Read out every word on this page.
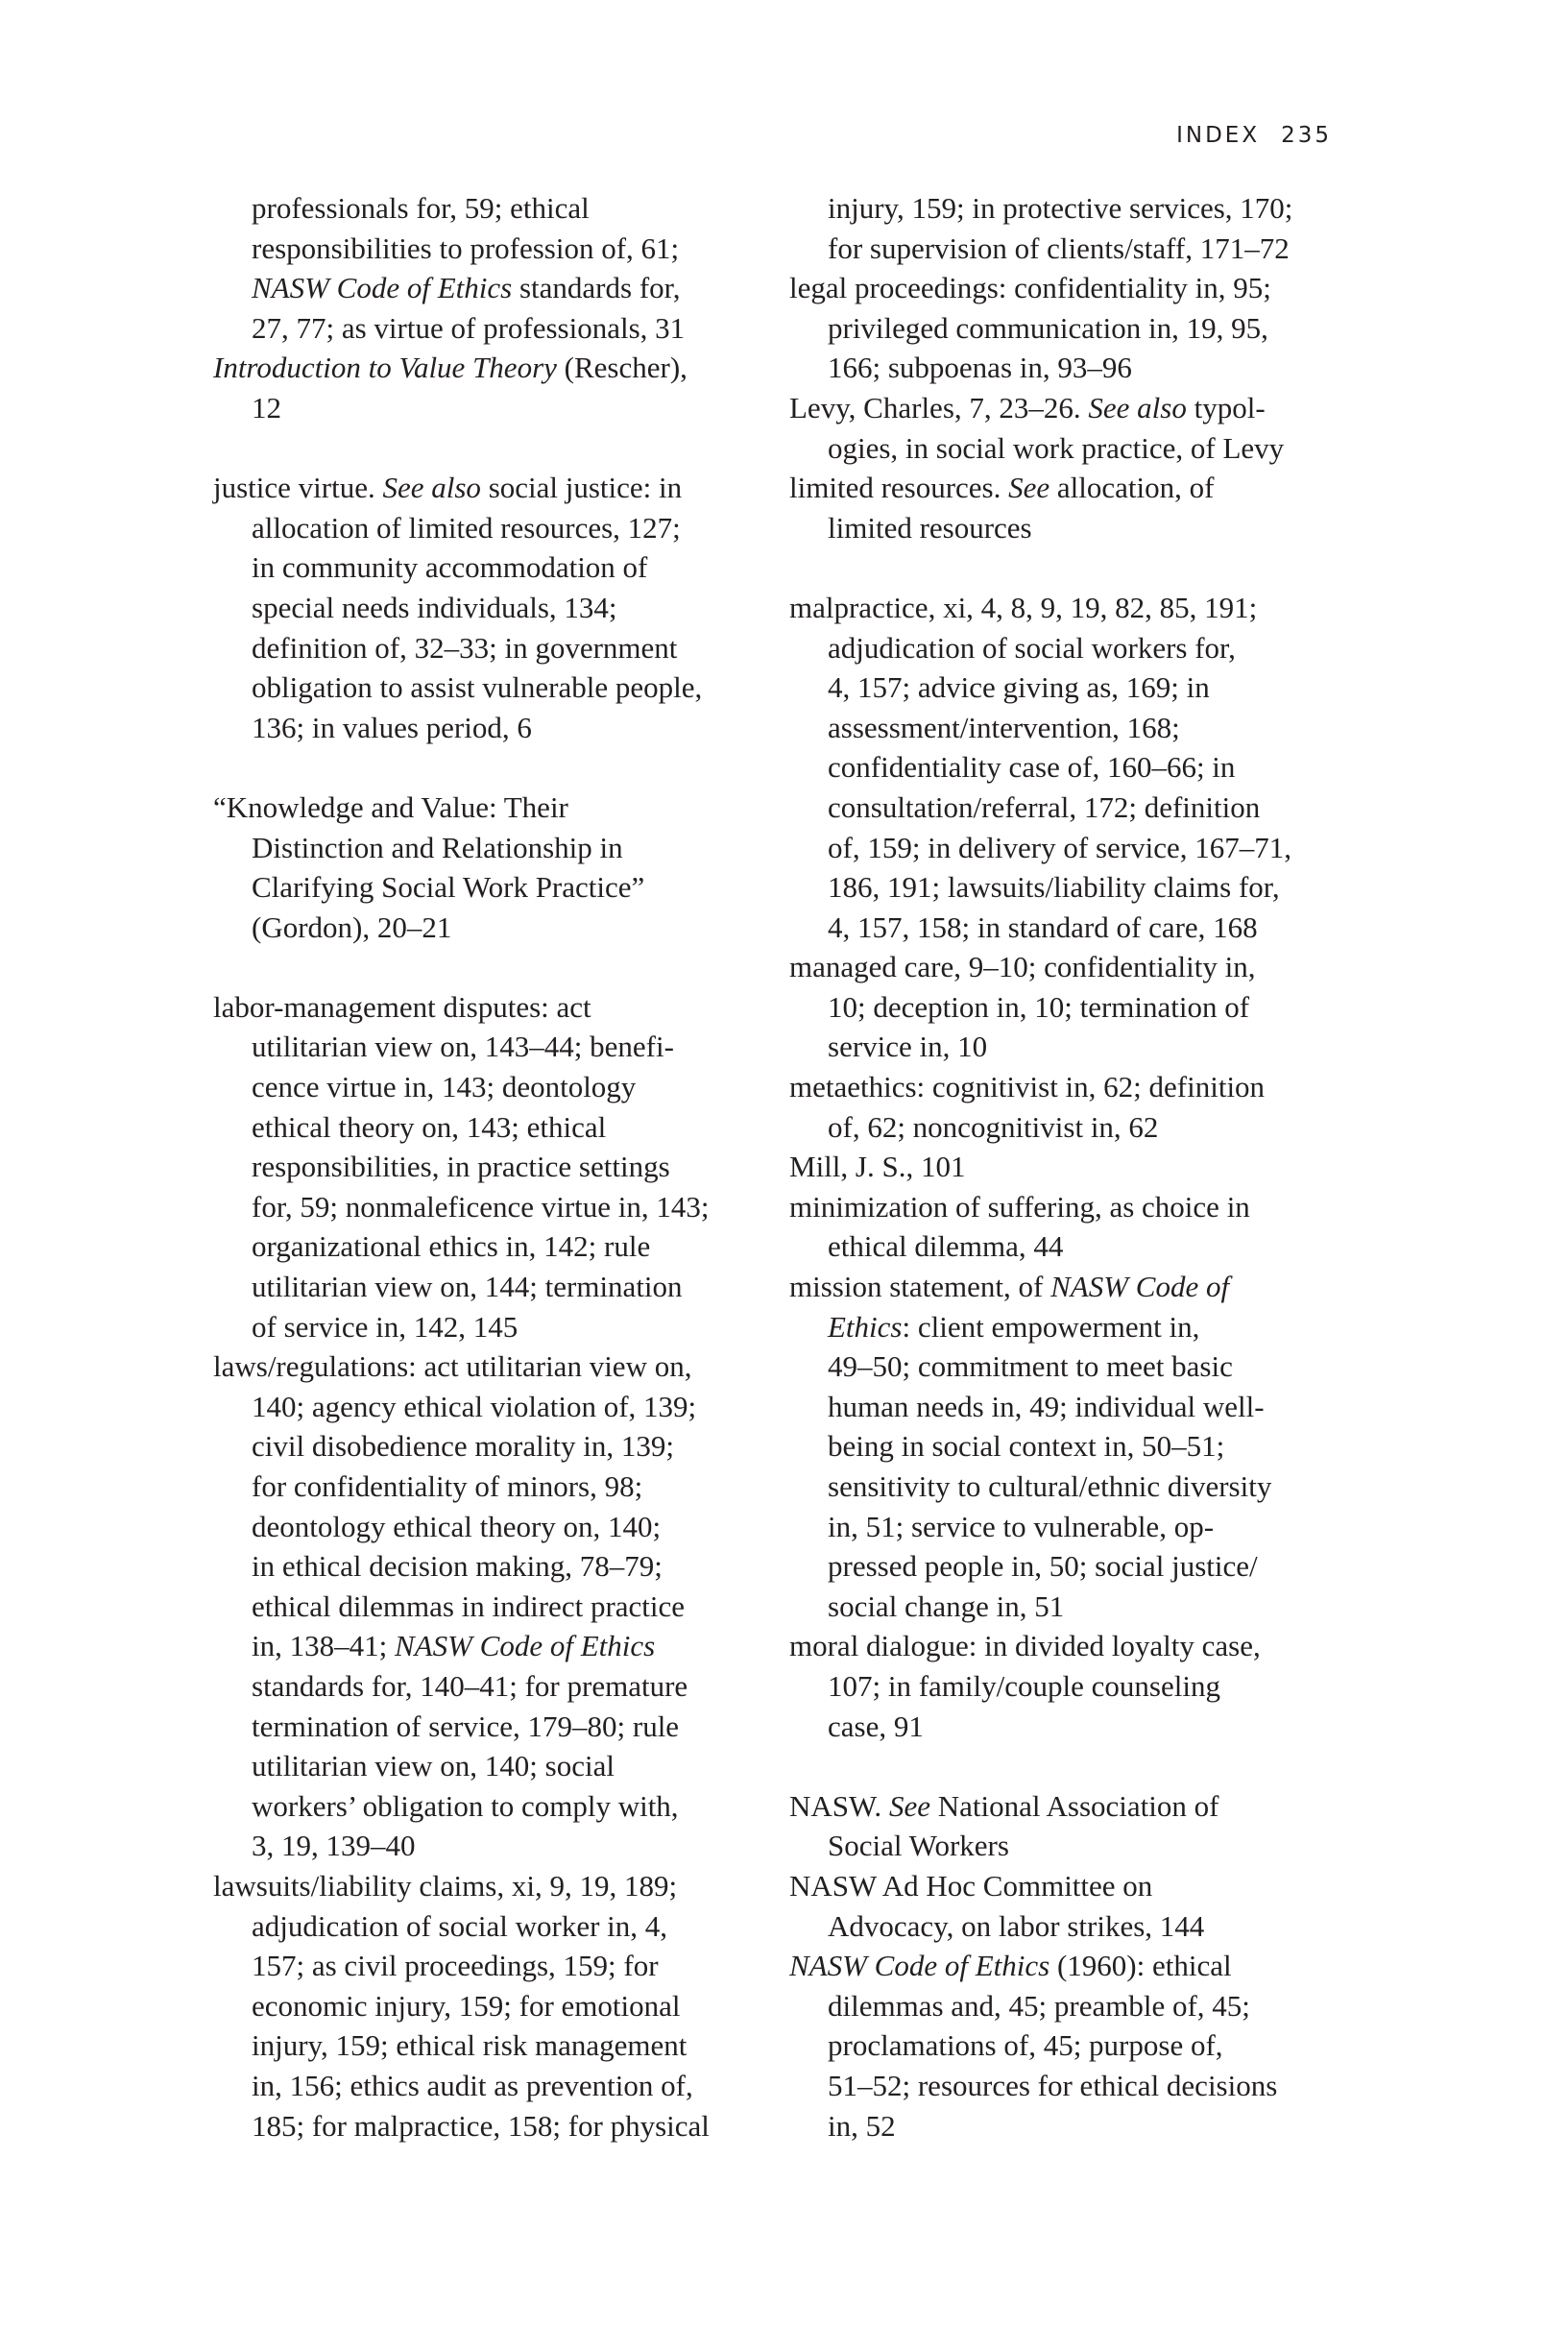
INDEX 235
professionals for, 59; ethical
responsibilities to profession of, 61;
NASW Code of Ethics standards for,
27, 77; as virtue of professionals, 31
Introduction to Value Theory (Rescher),
12
justice virtue. See also social justice: in
allocation of limited resources, 127;
in community accommodation of
special needs individuals, 134;
definition of, 32–33; in government
obligation to assist vulnerable people,
136; in values period, 6
“Knowledge and Value: Their
Distinction and Relationship in
Clarifying Social Work Practice”
(Gordon), 20–21
labor-management disputes: act
utilitarian view on, 143–44; benefi-
cence virtue in, 143; deontology
ethical theory on, 143; ethical
responsibilities, in practice settings
for, 59; nonmaleficence virtue in, 143;
organizational ethics in, 142; rule
utilitarian view on, 144; termination
of service in, 142, 145
laws/regulations: act utilitarian view on,
140; agency ethical violation of, 139;
civil disobedience morality in, 139;
for confidentiality of minors, 98;
deontology ethical theory on, 140;
in ethical decision making, 78–79;
ethical dilemmas in indirect practice
in, 138–41; NASW Code of Ethics
standards for, 140–41; for premature
termination of service, 179–80; rule
utilitarian view on, 140; social
workers’ obligation to comply with,
3, 19, 139–40
lawsuits/liability claims, xi, 9, 19, 189;
adjudication of social worker in, 4,
157; as civil proceedings, 159; for
economic injury, 159; for emotional
injury, 159; ethical risk management
in, 156; ethics audit as prevention of,
185; for malpractice, 158; for physical
injury, 159; in protective services, 170;
for supervision of clients/staff, 171–72
legal proceedings: confidentiality in, 95;
privileged communication in, 19, 95,
166; subpoenas in, 93–96
Levy, Charles, 7, 23–26. See also typol-
ogies, in social work practice, of Levy
limited resources. See allocation, of
limited resources
malpractice, xi, 4, 8, 9, 19, 82, 85, 191;
adjudication of social workers for,
4, 157; advice giving as, 169; in
assessment/intervention, 168;
confidentiality case of, 160–66; in
consultation/referral, 172; definition
of, 159; in delivery of service, 167–71,
186, 191; lawsuits/liability claims for,
4, 157, 158; in standard of care, 168
managed care, 9–10; confidentiality in,
10; deception in, 10; termination of
service in, 10
metaethics: cognitivist in, 62; definition
of, 62; noncognitivist in, 62
Mill, J. S., 101
minimization of suffering, as choice in
ethical dilemma, 44
mission statement, of NASW Code of
Ethics: client empowerment in,
49–50; commitment to meet basic
human needs in, 49; individual well-
being in social context in, 50–51;
sensitivity to cultural/ethnic diversity
in, 51; service to vulnerable, op-
pressed people in, 50; social justice/
social change in, 51
moral dialogue: in divided loyalty case,
107; in family/couple counseling
case, 91
NASW. See National Association of
Social Workers
NASW Ad Hoc Committee on
Advocacy, on labor strikes, 144
NASW Code of Ethics (1960): ethical
dilemmas and, 45; preamble of, 45;
proclamations of, 45; purpose of,
51–52; resources for ethical decisions
in, 52
